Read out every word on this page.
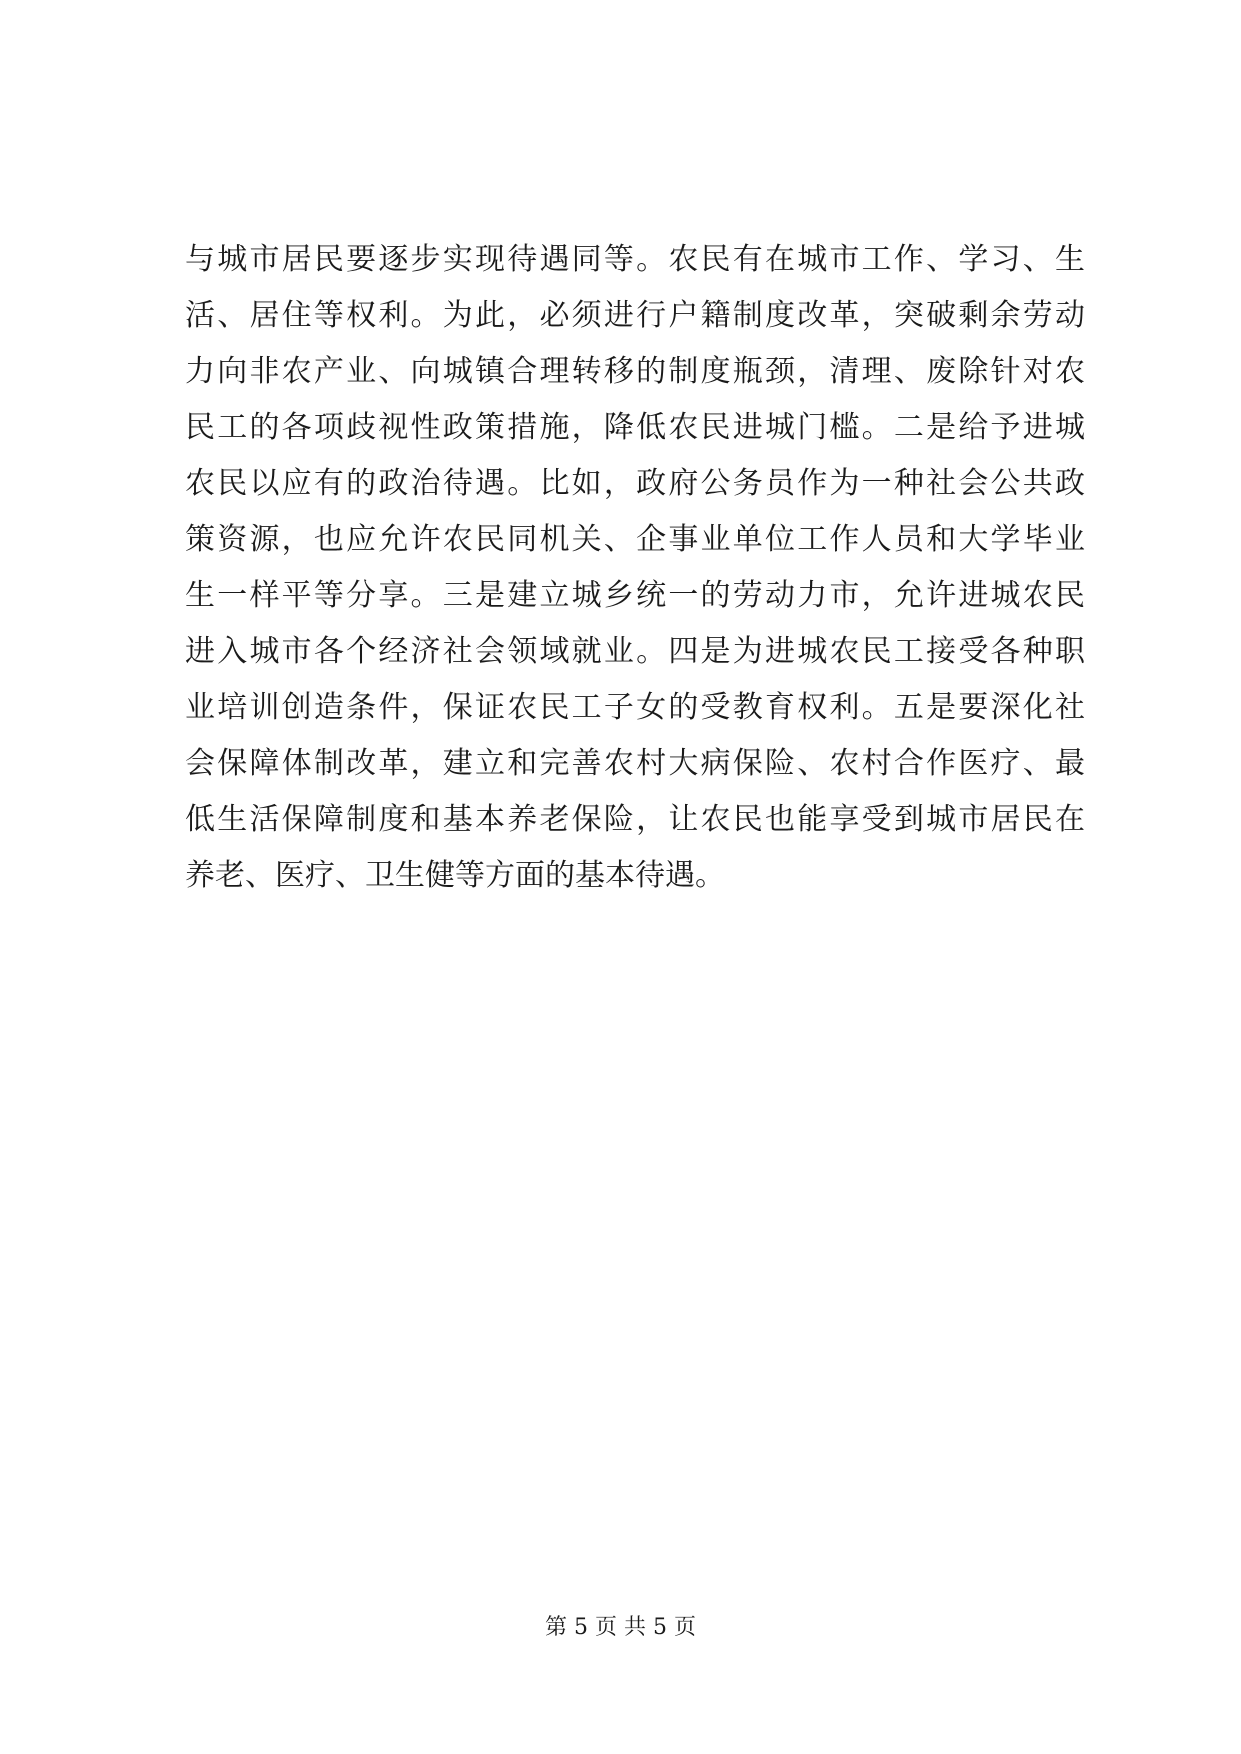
与城市居民要逐步实现待遇同等。农民有在城市工作、学习、生
活、居住等权利。为此，必须进行户籍制度改革，突破剩余劳动
力向非农产业、向城镇合理转移的制度瓶颈，清理、废除针对农
民工的各项歧视性政策措施，降低农民进城门槛。二是给予进城
农民以应有的政治待遇。比如，政府公务员作为一种社会公共政
策资源，也应允许农民同机关、企事业单位工作人员和大学毕业
生一样平等分享。三是建立城乡统一的劳动力市，允许进城农民
进入城市各个经济社会领域就业。四是为进城农民工接受各种职
业培训创造条件，保证农民工子女的受教育权利。五是要深化社
会保障体制改革，建立和完善农村大病保险、农村合作医疗、最
低生活保障制度和基本养老保险，让农民也能享受到城市居民在
养老、医疗、卫生健等方面的基本待遇。
第 5 页 共 5 页
